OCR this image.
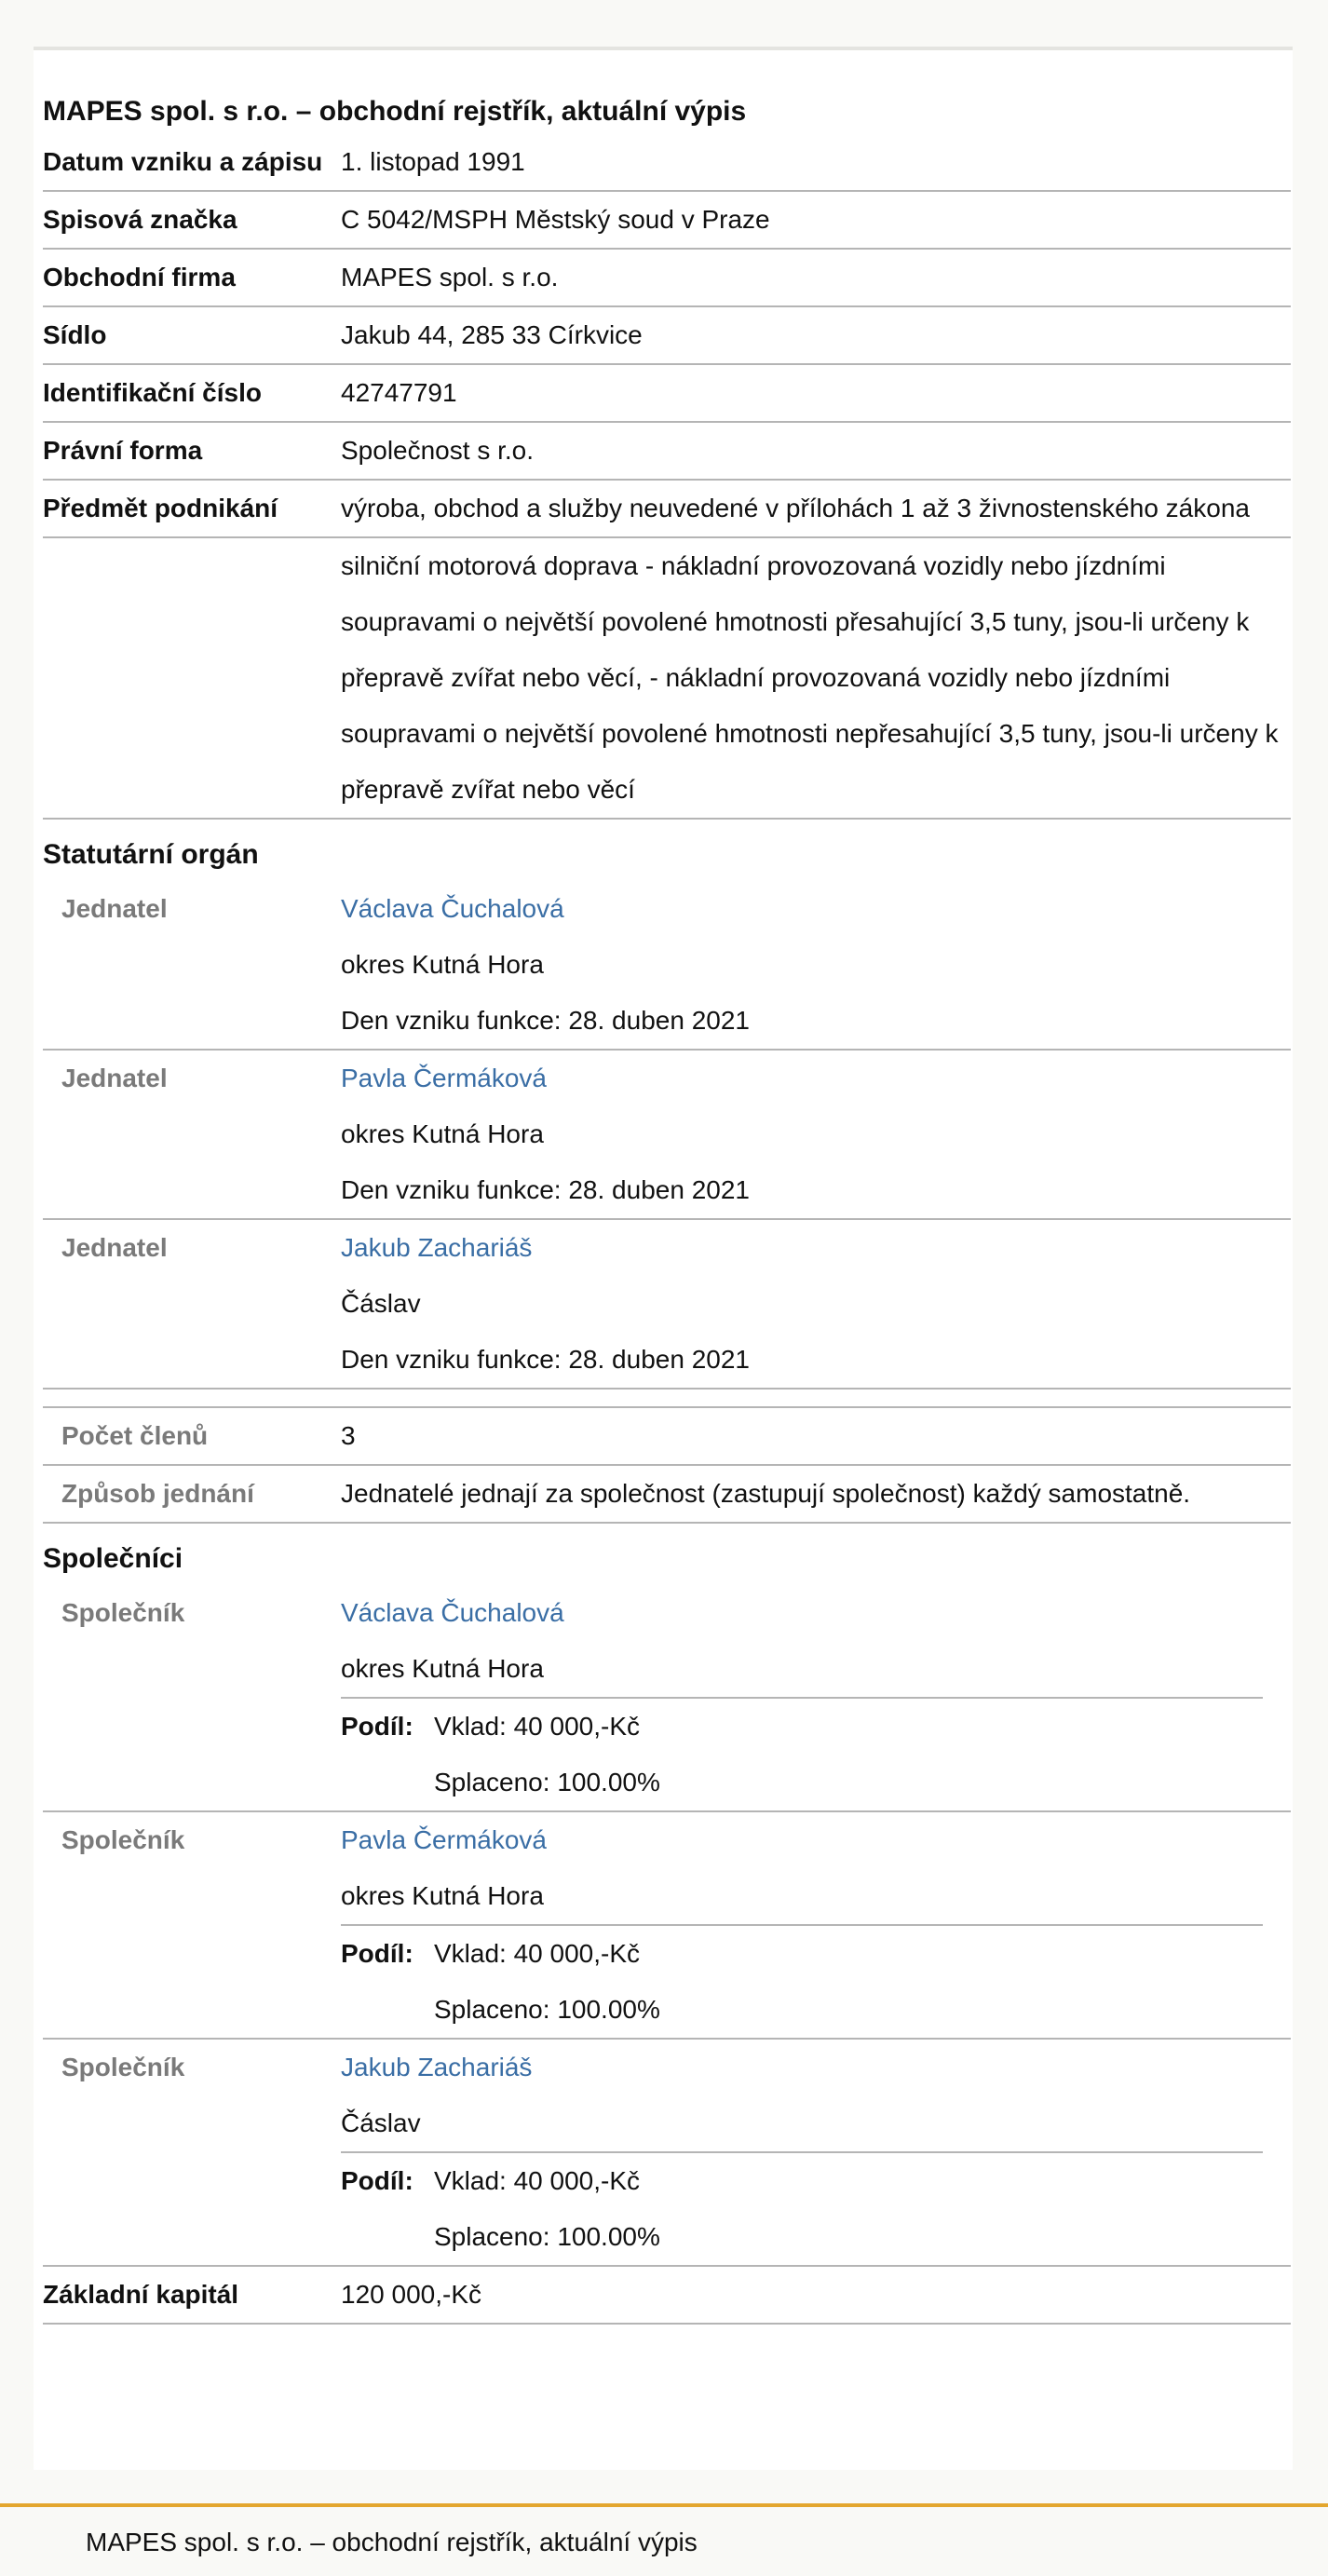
MAPES spol. s r.o. – obchodní rejstřík, aktuální výpis
Datum vzniku a zápisu 1. listopad 1991
Spisová značka	C 5042/MSPH Městský soud v Praze
Obchodní firma	MAPES spol. s r.o.
Sídlo	Jakub 44, 285 33 Církvice
Identifikační číslo	42747791
Právní forma	Společnost s r.o.
Předmět podnikání	výroba, obchod a služby neuvedené v přílohách 1 až 3 živnostenského zákona
silniční motorová doprava - nákladní provozovaná vozidly nebo jízdními soupravami o největší povolené hmotnosti přesahující 3,5 tuny, jsou-li určeny k přepravě zvířat nebo věcí, - nákladní provozovaná vozidly nebo jízdními soupravami o největší povolené hmotnosti nepřesahující 3,5 tuny, jsou-li určeny k přepravě zvířat nebo věcí
Statutární orgán
Jednatel	Václava Čuchalová
okres Kutná Hora
Den vzniku funkce: 28. duben 2021
Jednatel	Pavla Čermáková
okres Kutná Hora
Den vzniku funkce: 28. duben 2021
Jednatel	Jakub Zachariáš
Čáslav
Den vzniku funkce: 28. duben 2021
Počet členů	3
Způsob jednání	Jednatelé jednají za společnost (zastupují společnost) každý samostatně.
Společníci
Společník	Václava Čuchalová
okres Kutná Hora
Podíl: Vklad: 40 000,-Kč
Splaceno: 100.00%
Společník	Pavla Čermáková
okres Kutná Hora
Podíl: Vklad: 40 000,-Kč
Splaceno: 100.00%
Společník	Jakub Zachariáš
Čáslav
Podíl: Vklad: 40 000,-Kč
Splaceno: 100.00%
Základní kapitál	120 000,-Kč
MAPES spol. s r.o. – obchodní rejstřík, aktuální výpis
